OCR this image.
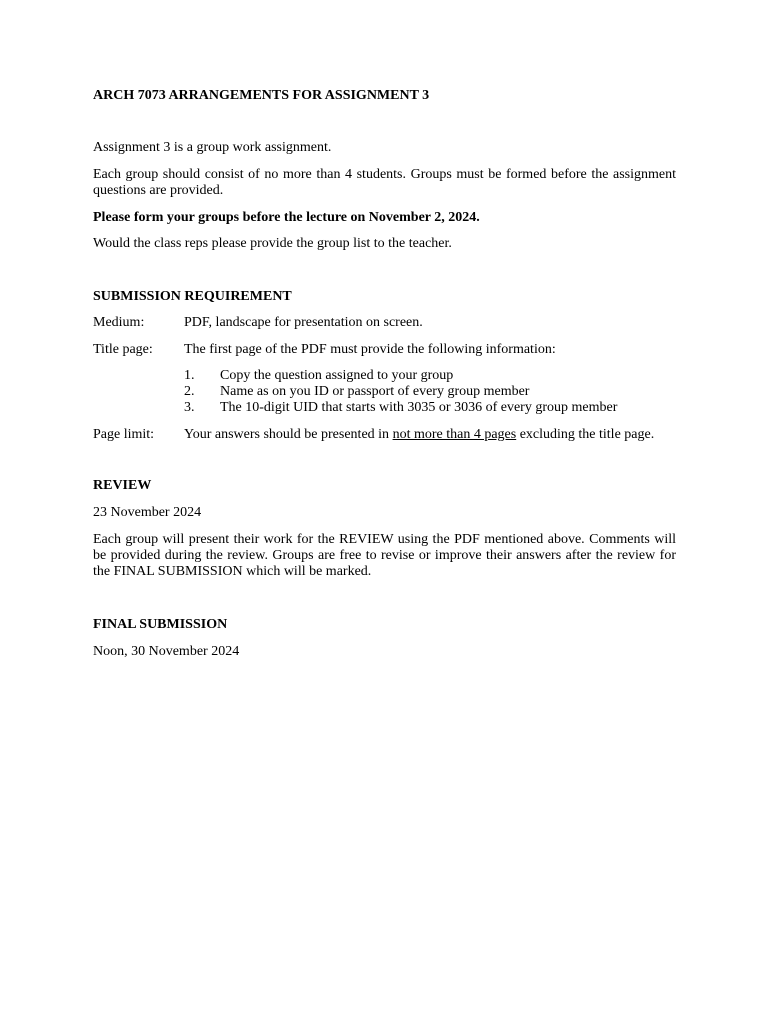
ARCH 7073 ARRANGEMENTS FOR ASSIGNMENT 3
Assignment 3 is a group work assignment.
Each group should consist of no more than 4 students. Groups must be formed before the assignment questions are provided.
Please form your groups before the lecture on November 2, 2024.
Would the class reps please provide the group list to the teacher.
SUBMISSION REQUIREMENT
Medium:	PDF, landscape for presentation on screen.
Title page: The first page of the PDF must provide the following information:
1. Copy the question assigned to your group
2. Name as on you ID or passport of every group member
3. The 10-digit UID that starts with 3035 or 3036 of every group member
Page limit: Your answers should be presented in not more than 4 pages excluding the title page.
REVIEW
23 November 2024
Each group will present their work for the REVIEW using the PDF mentioned above. Comments will be provided during the review. Groups are free to revise or improve their answers after the review for the FINAL SUBMISSION which will be marked.
FINAL SUBMISSION
Noon, 30 November 2024
